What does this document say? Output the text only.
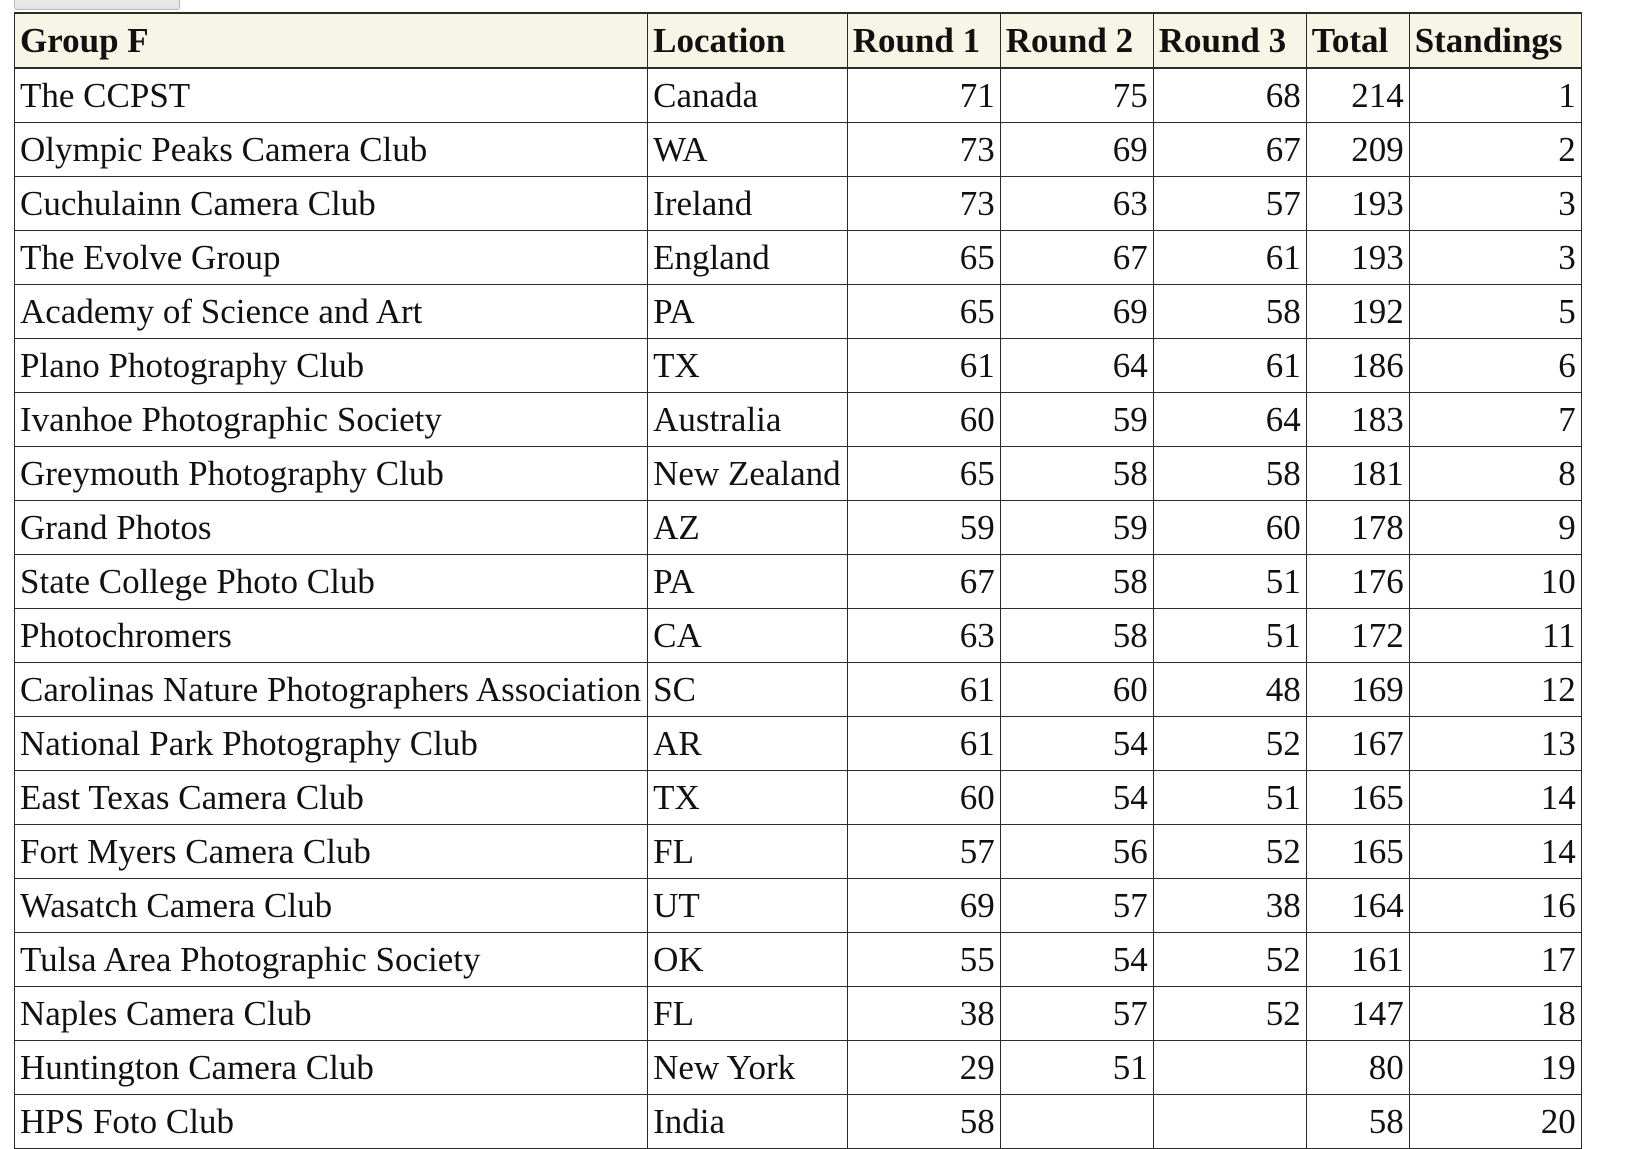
Group F	Location	Round 1	Round 2	Round 3	Total	Standings
The CCPST	Canada	71	75	68	214	1
Olympic Peaks Camera Club	WA	73	69	67	209	2
Cuchulainn Camera Club	Ireland	73	63	57	193	3
The Evolve Group	England	65	67	61	193	3
Academy of Science and Art	PA	65	69	58	192	5
Plano Photography Club	TX	61	64	61	186	6
Ivanhoe Photographic Society	Australia	60	59	64	183	7
Greymouth Photography Club	New Zealand	65	58	58	181	8
Grand Photos	AZ	59	59	60	178	9
State College Photo Club	PA	67	58	51	176	10
Photochromers	CA	63	58	51	172	11
Carolinas Nature Photographers Association	SC	61	60	48	169	12
National Park Photography Club	AR	61	54	52	167	13
East Texas Camera Club	TX	60	54	51	165	14
Fort Myers Camera Club	FL	57	56	52	165	14
Wasatch Camera Club	UT	69	57	38	164	16
Tulsa Area Photographic Society	OK	55	54	52	161	17
Naples Camera Club	FL	38	57	52	147	18
Huntington Camera Club	New York	29	51		80	19
HPS Foto Club	India	58			58	20
